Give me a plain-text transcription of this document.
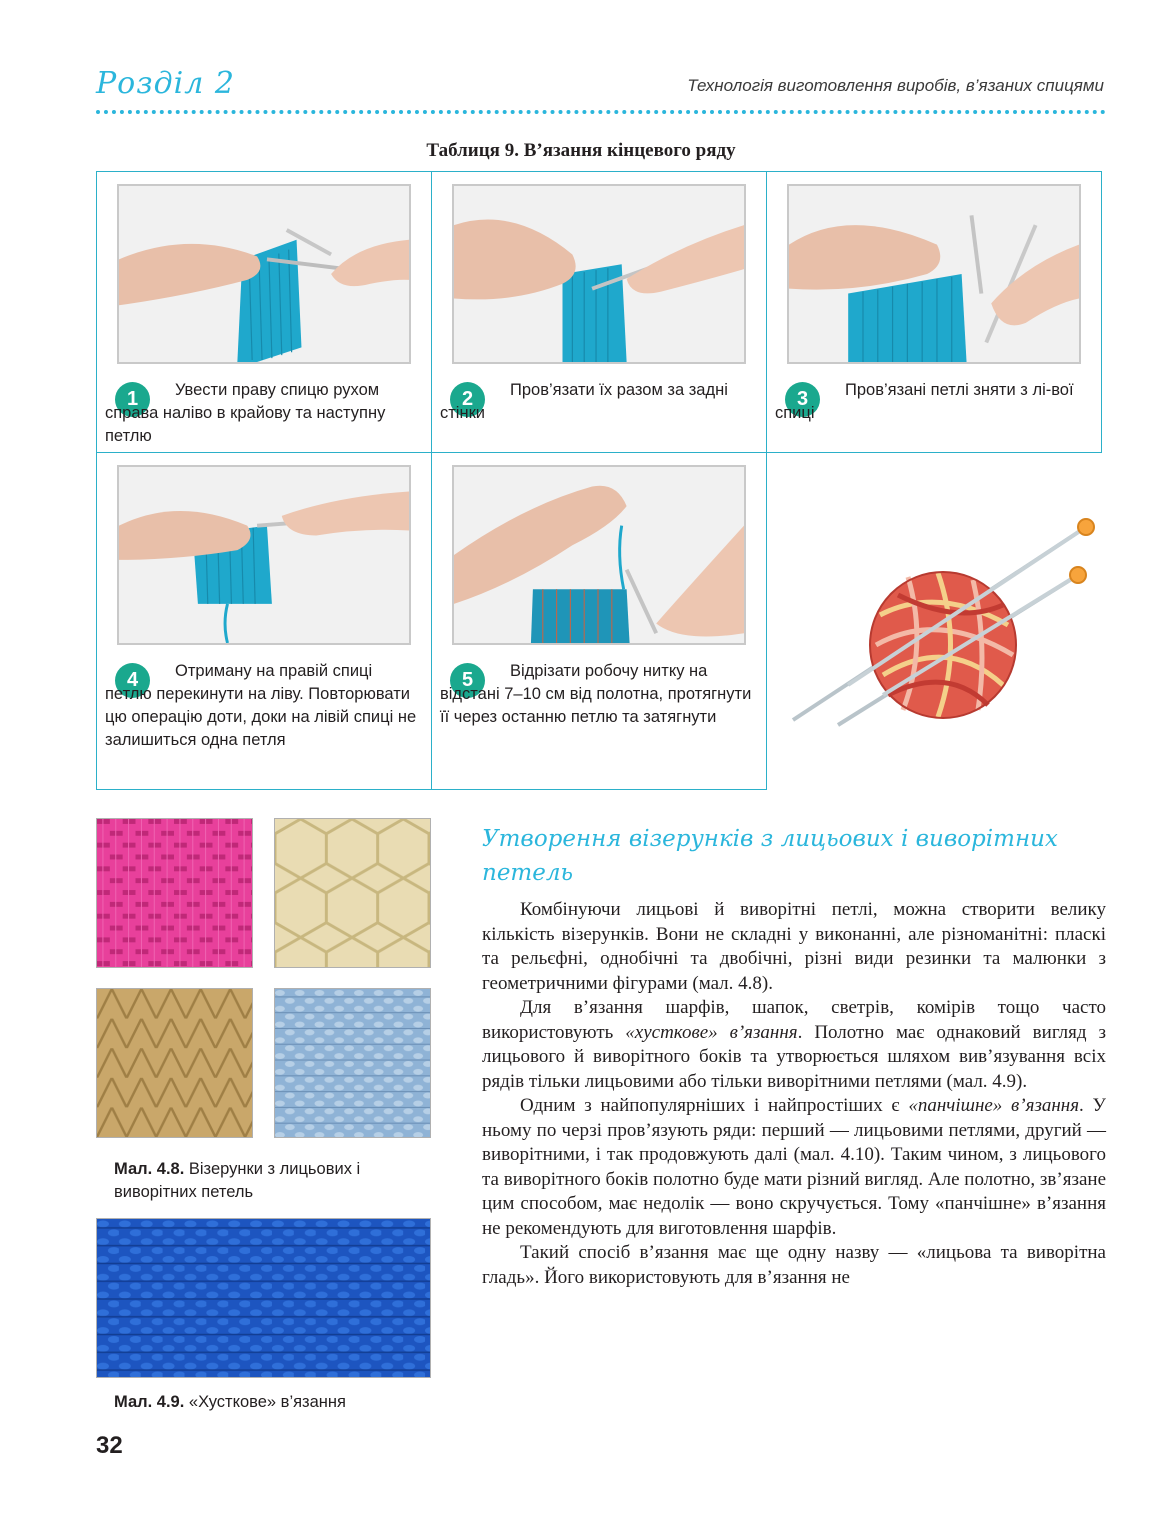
Розділ 2	Технологія виготовлення виробів, в’язаних спицями
Таблиця 9. В’язання кінцевого ряду
1	Увести праву спицю рухом справа наліво в крайову та наступну петлю
2	Пров’язати їх разом за задні стінки
3	Пров’язані петлі зняти з лі-вої спиці
4	Отриману на правій спиці петлю перекинути на ліву. Повторювати цю операцію доти, доки на лівій спиці не залишиться одна петля
5	Відрізати робочу нитку на відстані 7–10 см від полотна, протягнути її через останню петлю та затягнути
Мал. 4.8. Візерунки з лицьових і виворітних петель
Мал. 4.9. «Хусткове» в’язання
Утворення візерунків з лицьових і виворітних петель

Комбінуючи лицьові й виворітні петлі, можна створити велику кількість візерунків. Вони не складні у виконанні, але різноманітні: пласкі та рельєфні, однобічні та двобічні, різні види резинки та малюнки з геометричними фігурами (мал. 4.8).

Для в’язання шарфів, шапок, светрів, комірів тощо часто використовують «хусткове» в’язання. Полотно має однаковий вигляд з лицьового й виворітного боків та утворюється шляхом вив’язування всіх рядів тільки лицьовими або тільки виворітними петлями (мал. 4.9).

Одним з найпопулярніших і найпростіших є «панчішне» в’язання. У ньому по черзі пров’язують ряди: перший — лицьовими петлями, другий — виворітними, і так продовжують далі (мал. 4.10). Таким чином, з лицьового та виворітного боків полотно буде мати різний вигляд. Але полотно, зв’язане цим способом, має недолік — воно скручується. Тому «панчішне» в’язання не рекомендують для виготовлення шарфів.

Такий спосіб в’язання має ще одну назву — «лицьова та виворітна гладь». Його використовують для в’язання не

32
